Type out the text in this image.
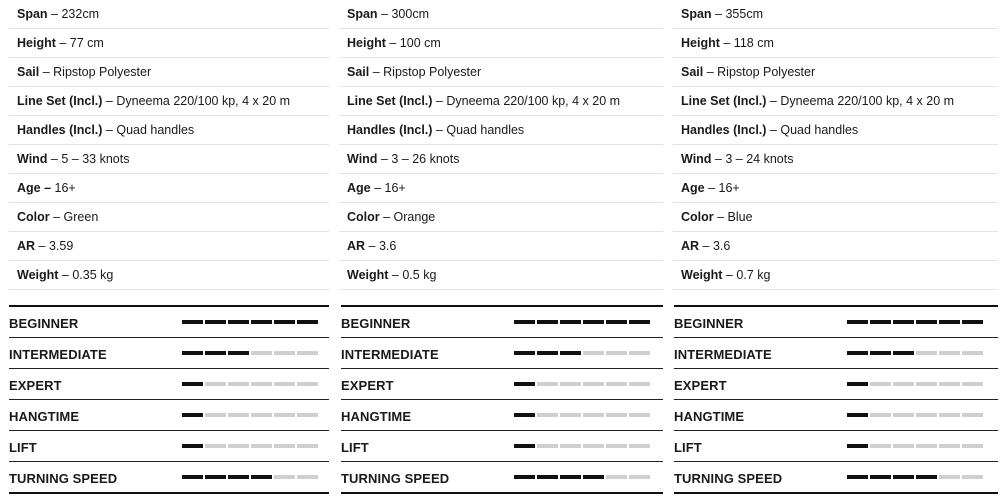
Span – 232cm
Height – 77 cm
Sail – Ripstop Polyester
Line Set (Incl.) – Dyneema 220/100 kp, 4 x 20 m
Handles (Incl.) – Quad handles
Wind – 5 – 33 knots
Age – 16+
Color – Green
AR – 3.59
Weight – 0.35 kg
BEGINNER
INTERMEDIATE
EXPERT
HANGTIME
LIFT
TURNING SPEED
Span – 300cm
Height – 100 cm
Sail – Ripstop Polyester
Line Set (Incl.) – Dyneema 220/100 kp, 4 x 20 m
Handles (Incl.) – Quad handles
Wind – 3 – 26 knots
Age – 16+
Color – Orange
AR – 3.6
Weight – 0.5 kg
BEGINNER
INTERMEDIATE
EXPERT
HANGTIME
LIFT
TURNING SPEED
Span – 355cm
Height – 118 cm
Sail – Ripstop Polyester
Line Set (Incl.) – Dyneema 220/100 kp, 4 x 20 m
Handles (Incl.) – Quad handles
Wind – 3 – 24 knots
Age – 16+
Color – Blue
AR – 3.6
Weight – 0.7 kg
BEGINNER
INTERMEDIATE
EXPERT
HANGTIME
LIFT
TURNING SPEED
